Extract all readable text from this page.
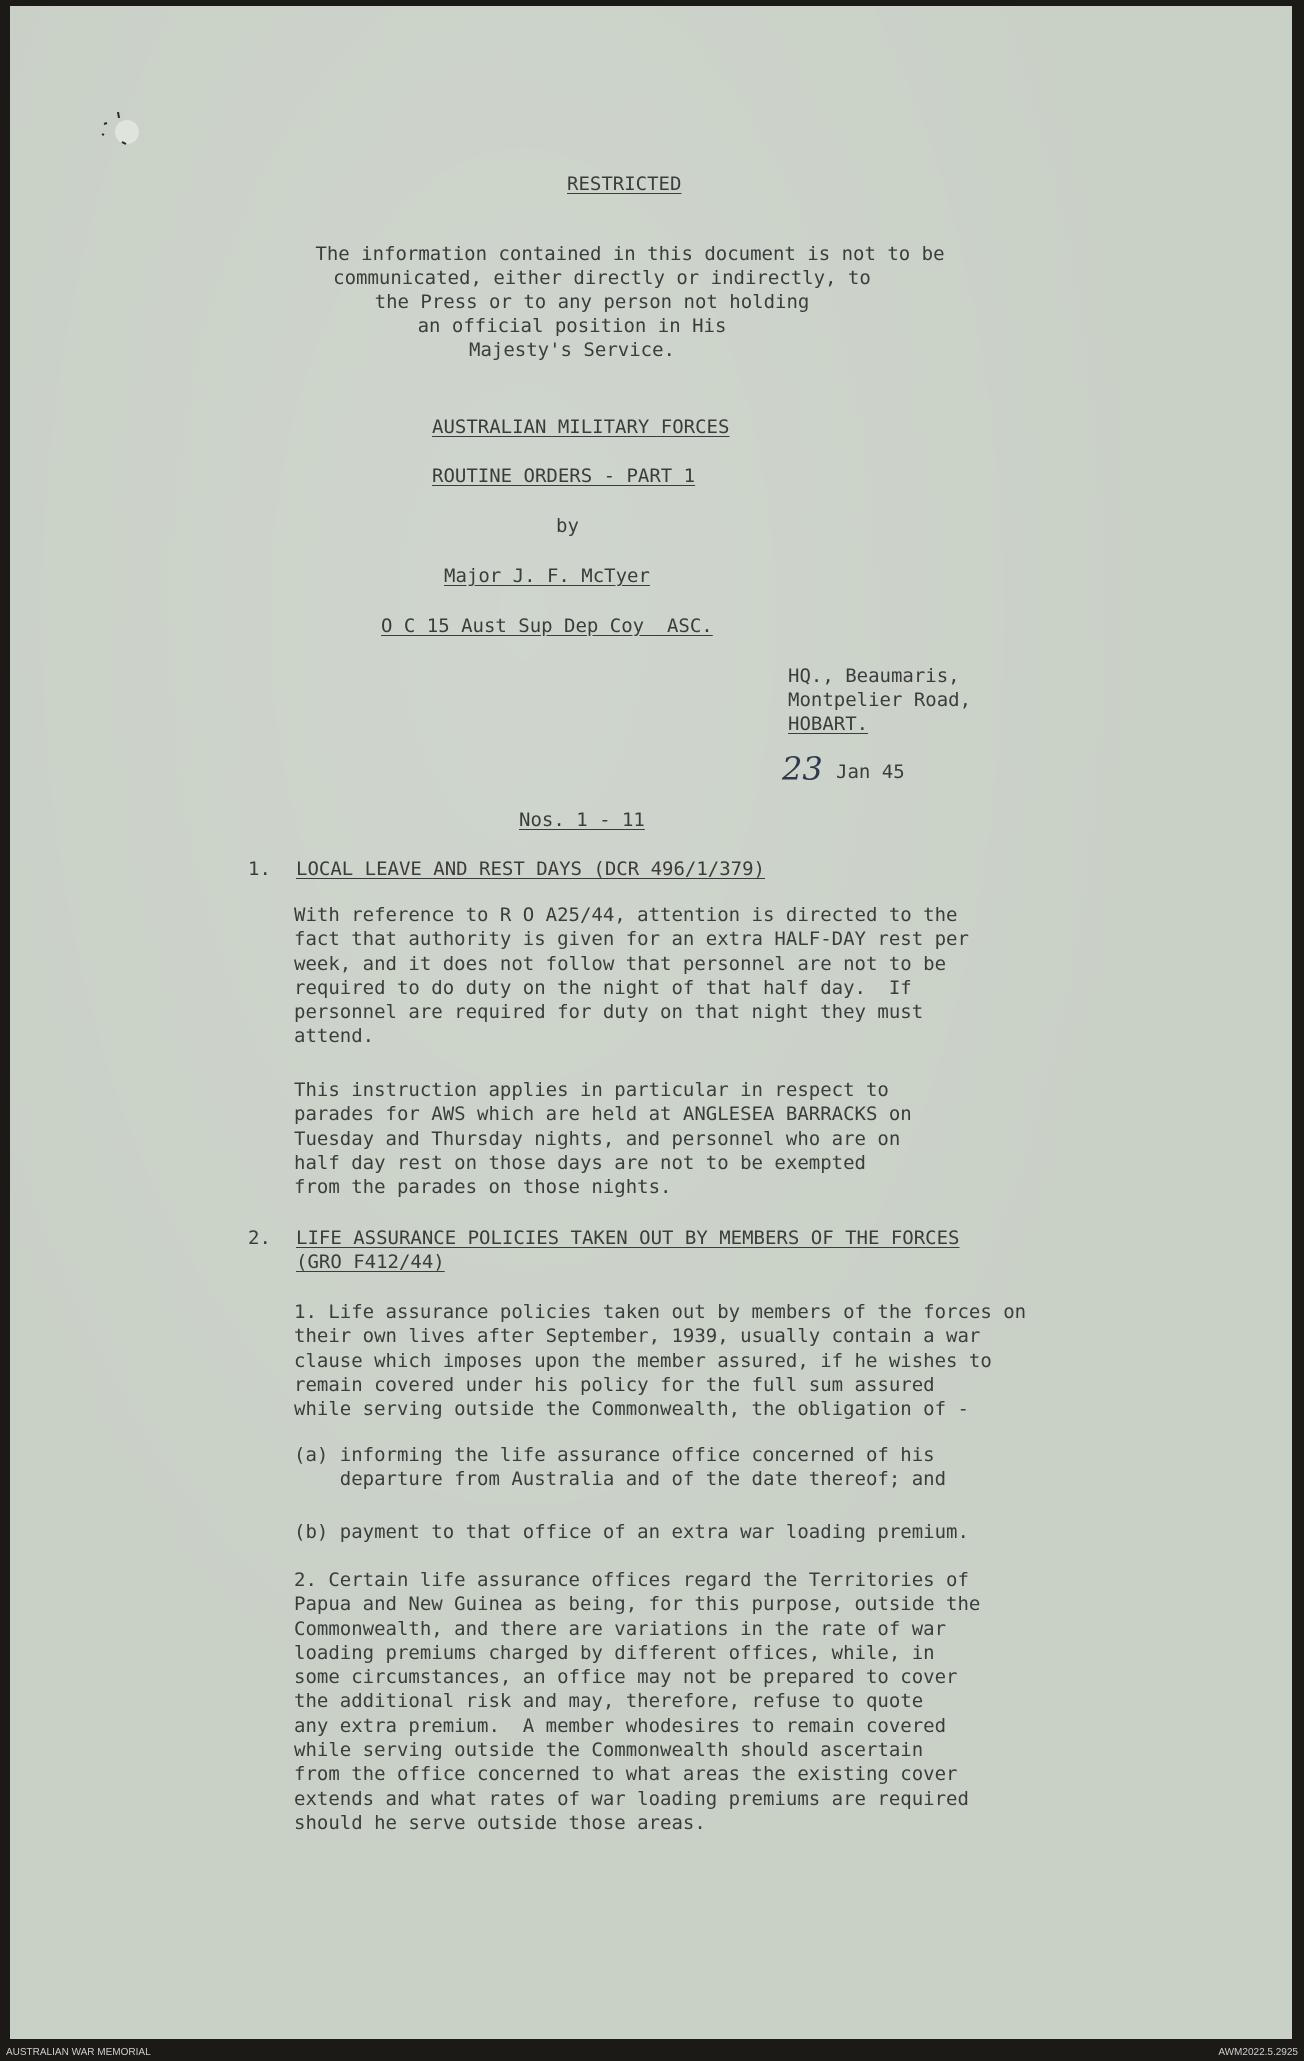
RESTRICTED
The information contained in this document is not to be
communicated, either directly or indirectly, to
the Press or to any person not holding
an official position in His
Majesty's Service.
AUSTRALIAN MILITARY FORCES
ROUTINE ORDERS - PART 1
by
Major J. F. McTyer
O C 15 Aust Sup Dep Coy  ASC.
HQ., Beaumaris,
Montpelier Road,
HOBART.
23 Jan 45
Nos. 1 - 11
1. LOCAL LEAVE AND REST DAYS (DCR 496/1/379)
With reference to R O A25/44, attention is directed to the
fact that authority is given for an extra HALF-DAY rest per
week, and it does not follow that personnel are not to be
required to do duty on the night of that half day.  If
personnel are required for duty on that night they must
attend.
This instruction applies in particular in respect to
parades for AWS which are held at ANGLESEA BARRACKS on
Tuesday and Thursday nights, and personnel who are on
half day rest on those days are not to be exempted
from the parades on those nights.
2. LIFE ASSURANCE POLICIES TAKEN OUT BY MEMBERS OF THE FORCES
(GRO F412/44)
1. Life assurance policies taken out by members of the forces on
their own lives after September, 1939, usually contain a war
clause which imposes upon the member assured, if he wishes to
remain covered under his policy for the full sum assured
while serving outside the Commonwealth, the obligation of -
(a) informing the life assurance office concerned of his
departure from Australia and of the date thereof; and
(b) payment to that office of an extra war loading premium.
2. Certain life assurance offices regard the Territories of
Papua and New Guinea as being, for this purpose, outside the
Commonwealth, and there are variations in the rate of war
loading premiums charged by different offices, while, in
some circumstances, an office may not be prepared to cover
the additional risk and may, therefore, refuse to quote
any extra premium.  A member whodesires to remain covered
while serving outside the Commonwealth should ascertain
from the office concerned to what areas the existing cover
extends and what rates of war loading premiums are required
should he serve outside those areas.
AUSTRALIAN WAR MEMORIAL	AWM2022.5.2925
